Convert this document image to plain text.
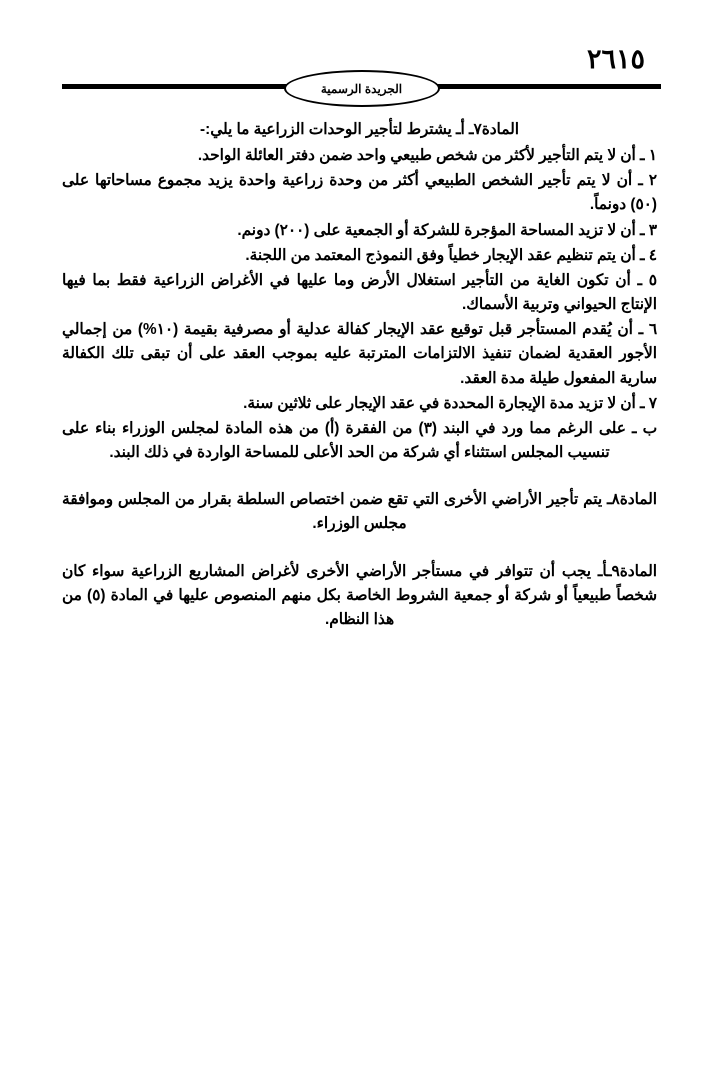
٢٦١٥
الجريدة الرسمية

المادة٧ـ أـ يشترط لتأجير الوحدات الزراعية ما يلي:-

١ ـ أن لا يتم التأجير لأكثر من شخص طبيعي واحد ضمن دفتر العائلة الواحد.
٢ ـ أن لا يتم تأجير الشخص الطبيعي أكثر من وحدة زراعية واحدة يزيد مجموع مساحاتها على (٥٠) دونماً.
٣ ـ أن لا تزيد المساحة المؤجرة للشركة أو الجمعية على (٢٠٠) دونم.
٤ ـ أن يتم تنظيم عقد الإيجار خطياً وفق النموذج المعتمد من اللجنة.
٥ ـ أن تكون الغاية من التأجير استغلال الأرض وما عليها في الأغراض الزراعية فقط بما فيها الإنتاج الحيواني وتربية الأسماك.
٦ ـ أن يُقدم المستأجر قبل توقيع عقد الإيجار كفالة عدلية أو مصرفية بقيمة (١٠%) من إجمالي الأجور العقدية لضمان تنفيذ الالتزامات المترتبة عليه بموجب العقد على أن تبقى تلك الكفالة سارية المفعول طيلة مدة العقد.
٧ ـ أن لا تزيد مدة الإيجارة المحددة في عقد الإيجار على ثلاثين سنة.

ب ـ على الرغم مما ورد في البند (٣) من الفقرة (أ) من هذه المادة لمجلس الوزراء بناء على تنسيب المجلس استثناء أي شركة من الحد الأعلى للمساحة الواردة في ذلك البند.

المادة٨ـ يتم تأجير الأراضي الأخرى التي تقع ضمن اختصاص السلطة بقرار من المجلس وموافقة مجلس الوزراء.

المادة٩ـأـ يجب أن تتوافر في مستأجر الأراضي الأخرى لأغراض المشاريع الزراعية سواء كان شخصاً طبيعياً أو شركة أو جمعية الشروط الخاصة بكل منهم المنصوص عليها في المادة (٥) من هذا النظام.
